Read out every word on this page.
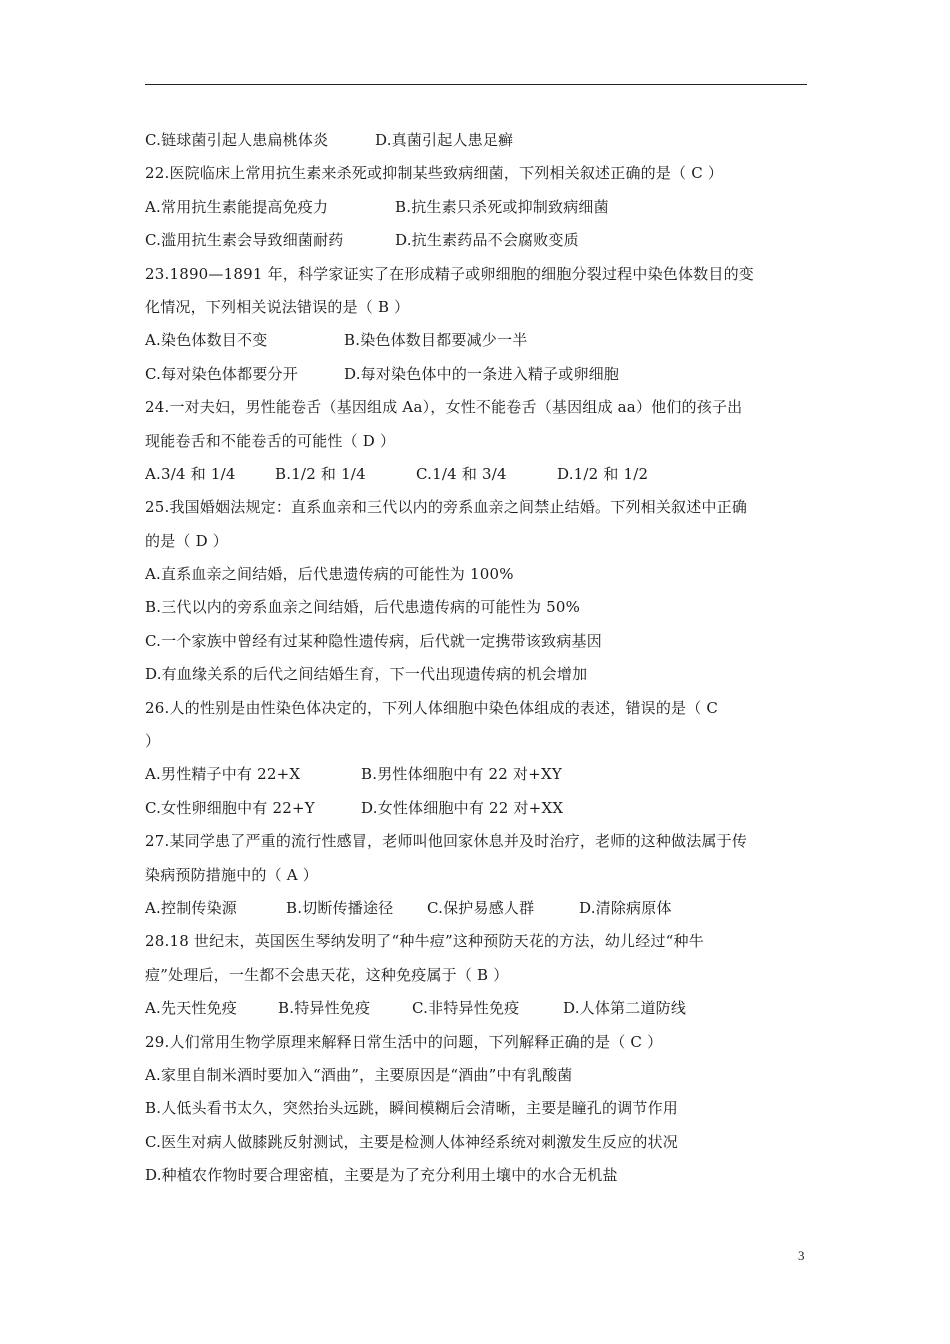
C.链球菌引起人患扁桃体炎	D.真菌引起人患足癣
22.医院临床上常用抗生素来杀死或抑制某些致病细菌，下列相关叙述正确的是（ C ）
A.常用抗生素能提高免疫力	B.抗生素只杀死或抑制致病细菌
C.滥用抗生素会导致细菌耐药	D.抗生素药品不会腐败变质
23.1890—1891 年，科学家证实了在形成精子或卵细胞的细胞分裂过程中染色体数目的变
化情况，下列相关说法错误的是（ B ）
A.染色体数目不变	B.染色体数目都要减少一半
C.每对染色体都要分开	D.每对染色体中的一条进入精子或卵细胞
24.一对夫妇，男性能卷舌（基因组成 Aa），女性不能卷舌（基因组成 aa）他们的孩子出
现能卷舌和不能卷舌的可能性（ D ）
A.3/4 和 1/4	B.1/2 和 1/4	C.1/4 和 3/4	D.1/2 和 1/2
25.我国婚姻法规定：直系血亲和三代以内的旁系血亲之间禁止结婚。下列相关叙述中正确
的是（ D ）
A.直系血亲之间结婚，后代患遗传病的可能性为 100%
B.三代以内的旁系血亲之间结婚，后代患遗传病的可能性为 50%
C.一个家族中曾经有过某种隐性遗传病，后代就一定携带该致病基因
D.有血缘关系的后代之间结婚生育，下一代出现遗传病的机会增加
26.人的性别是由性染色体决定的，下列人体细胞中染色体组成的表述，错误的是（ C
）
A.男性精子中有 22+X	B.男性体细胞中有 22 对+XY
C.女性卵细胞中有 22+Y	D.女性体细胞中有 22 对+XX
27.某同学患了严重的流行性感冒，老师叫他回家休息并及时治疗，老师的这种做法属于传
染病预防措施中的（ A ）
A.控制传染源	B.切断传播途径	C.保护易感人群	D.清除病原体
28.18 世纪末，英国医生琴纳发明了“种牛痘”这种预防天花的方法，幼儿经过“种牛
痘”处理后，一生都不会患天花，这种免疫属于（ B ）
A.先天性免疫	B.特异性免疫	C.非特异性免疫	D.人体第二道防线
29.人们常用生物学原理来解释日常生活中的问题，下列解释正确的是（ C ）
A.家里自制米酒时要加入“酒曲”，主要原因是“酒曲”中有乳酸菌
B.人低头看书太久，突然抬头远跳，瞬间模糊后会清晰，主要是瞳孔的调节作用
C.医生对病人做膝跳反射测试，主要是检测人体神经系统对刺激发生反应的状况
D.种植农作物时要合理密植，主要是为了充分利用土壤中的水合无机盐
3
